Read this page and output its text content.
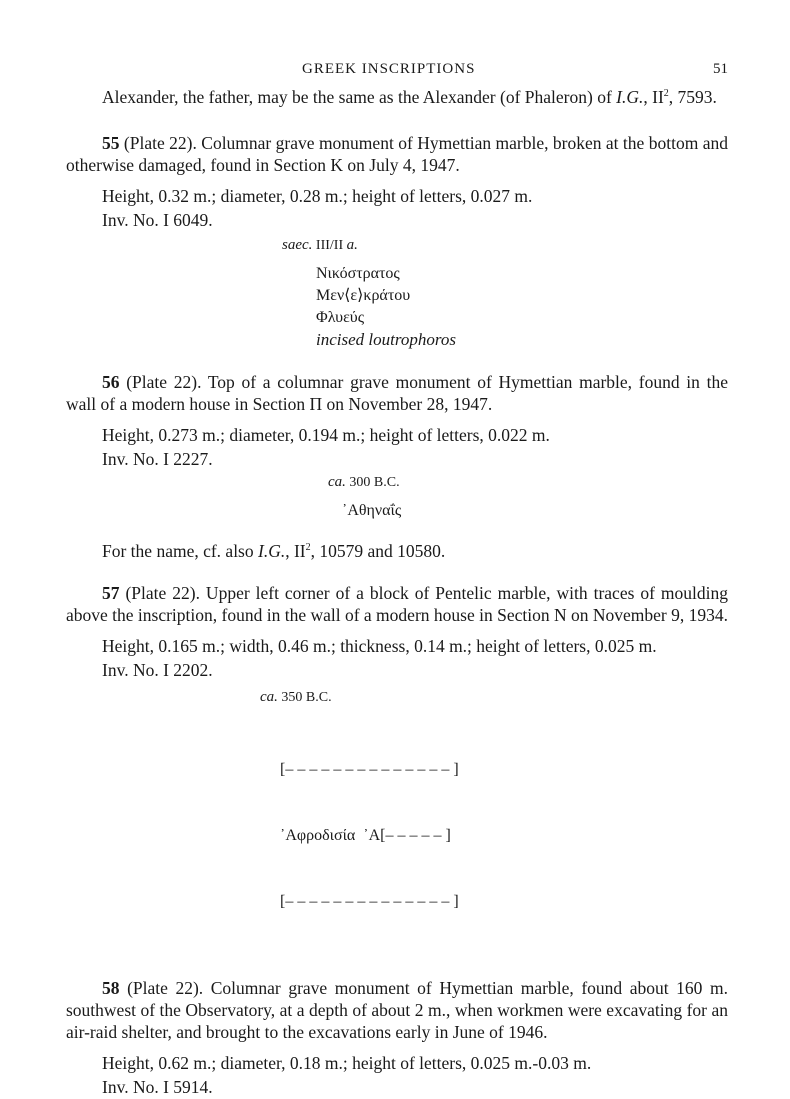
GREEK INSCRIPTIONS	51

Alexander, the father, may be the same as the Alexander (of Phaleron) of I.G., $II^2$, 7593.

55 (Plate 22). Columnar grave monument of Hymettian marble, broken at the bottom and otherwise damaged, found in Section K on July 4, 1947.

Height, 0.32 m.; diameter, 0.28 m.; height of letters, 0.027 m.
Inv. No. I 6049.
saec. III/II a.
Νικόστρατος
Μεν⟨ε⟩κράτου
Φλυεύς
incised loutrophoros

56 (Plate 22). Top of a columnar grave monument of Hymettian marble, found in the wall of a modern house in Section Π on November 28, 1947.

Height, 0.273 m.; diameter, 0.194 m.; height of letters, 0.022 m.
Inv. No. I 2227.
ca. 300 B.C.
᾿Αθηναΐς

For the name, cf. also I.G., $II^2$, 10579 and 10580.

57 (Plate 22). Upper left corner of a block of Pentelic marble, with traces of moulding above the inscription, found in the wall of a modern house in Section N on November 9, 1934.

Height, 0.165 m.; width, 0.46 m.; thickness, 0.14 m.; height of letters, 0.025 m.
Inv. No. I 2202.
ca. 350 B.C.

[– – – – – – – – – – – – – – ]

᾿Αφροδισία  ᾿Α[– – – – – ]

[– – – – – – – – – – – – – – ]

58 (Plate 22). Columnar grave monument of Hymettian marble, found about 160 m. southwest of the Observatory, at a depth of about 2 m., when workmen were excavating for an air-raid shelter, and brought to the excavations early in June of 1946.

Height, 0.62 m.; diameter, 0.18 m.; height of letters, 0.025 m.-0.03 m.
Inv. No. I 5914.
